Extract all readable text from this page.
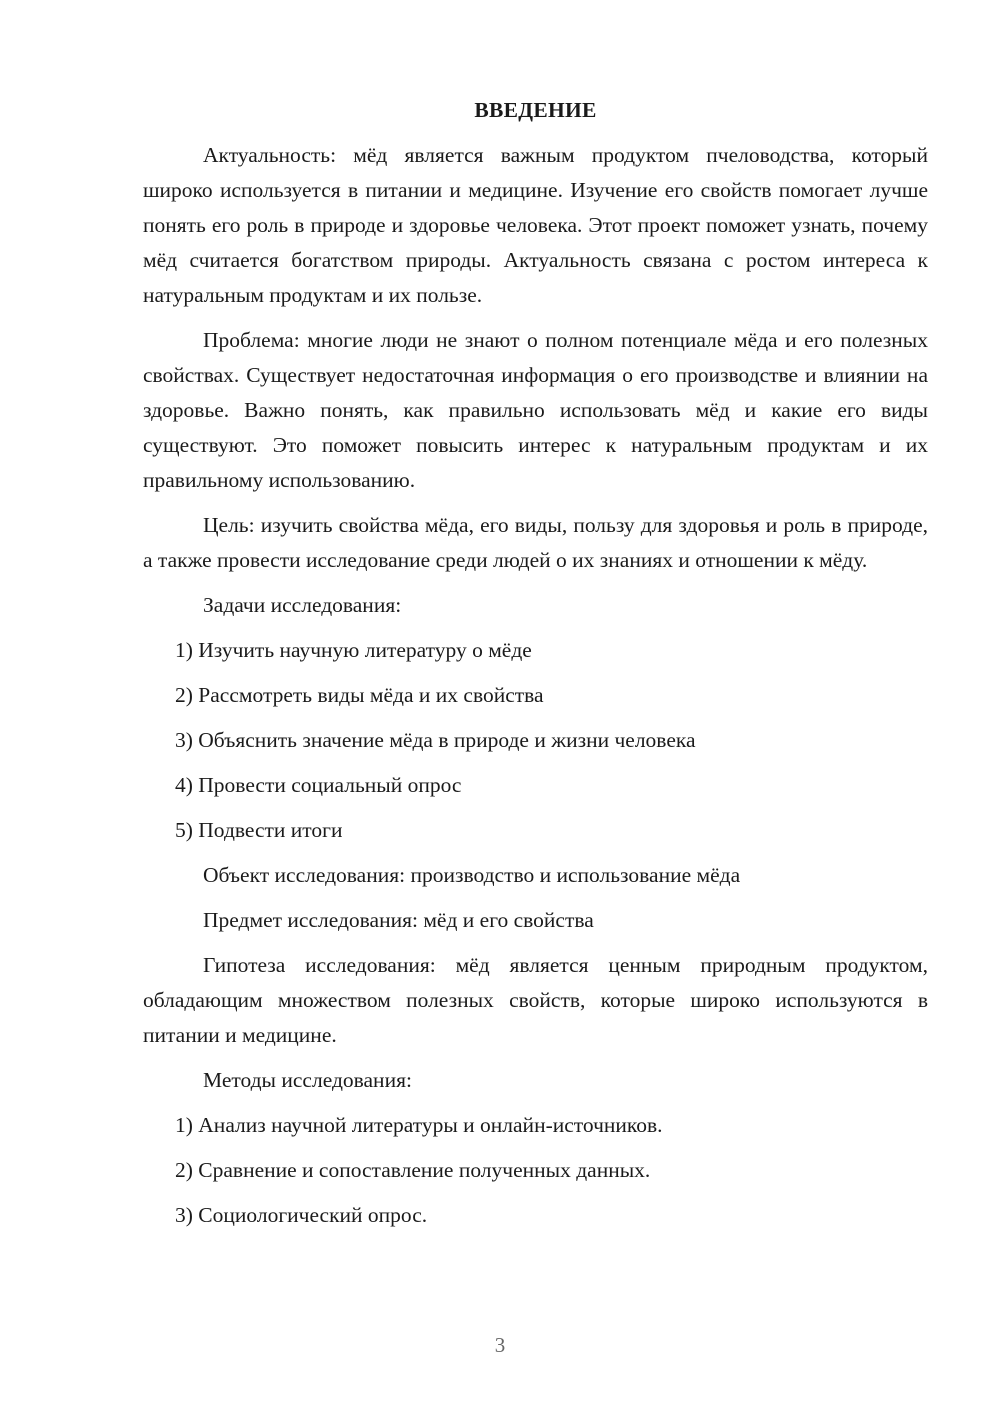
ВВЕДЕНИЕ

Актуальность: мёд является важным продуктом пчеловодства, который широко используется в питании и медицине. Изучение его свойств помогает лучше понять его роль в природе и здоровье человека. Этот проект поможет узнать, почему мёд считается богатством природы. Актуальность связана с ростом интереса к натуральным продуктам и их пользе.

Проблема: многие люди не знают о полном потенциале мёда и его полезных свойствах. Существует недостаточная информация о его производстве и влиянии на здоровье. Важно понять, как правильно использовать мёд и какие его виды существуют. Это поможет повысить интерес к натуральным продуктам и их правильному использованию.

Цель: изучить свойства мёда, его виды, пользу для здоровья и роль в природе, а также провести исследование среди людей о их знаниях и отношении к мёду.

Задачи исследования:
1) Изучить научную литературу о мёде
2) Рассмотреть виды мёда и их свойства
3) Объяснить значение мёда в природе и жизни человека
4) Провести социальный опрос
5) Подвести итоги
Объект исследования: производство и использование мёда
Предмет исследования: мёд и его свойства

Гипотеза исследования: мёд является ценным природным продуктом, обладающим множеством полезных свойств, которые широко используются в питании и медицине.

Методы исследования:
1) Анализ научной литературы и онлайн-источников.
2) Сравнение и сопоставление полученных данных.
3) Социологический опрос.
3
